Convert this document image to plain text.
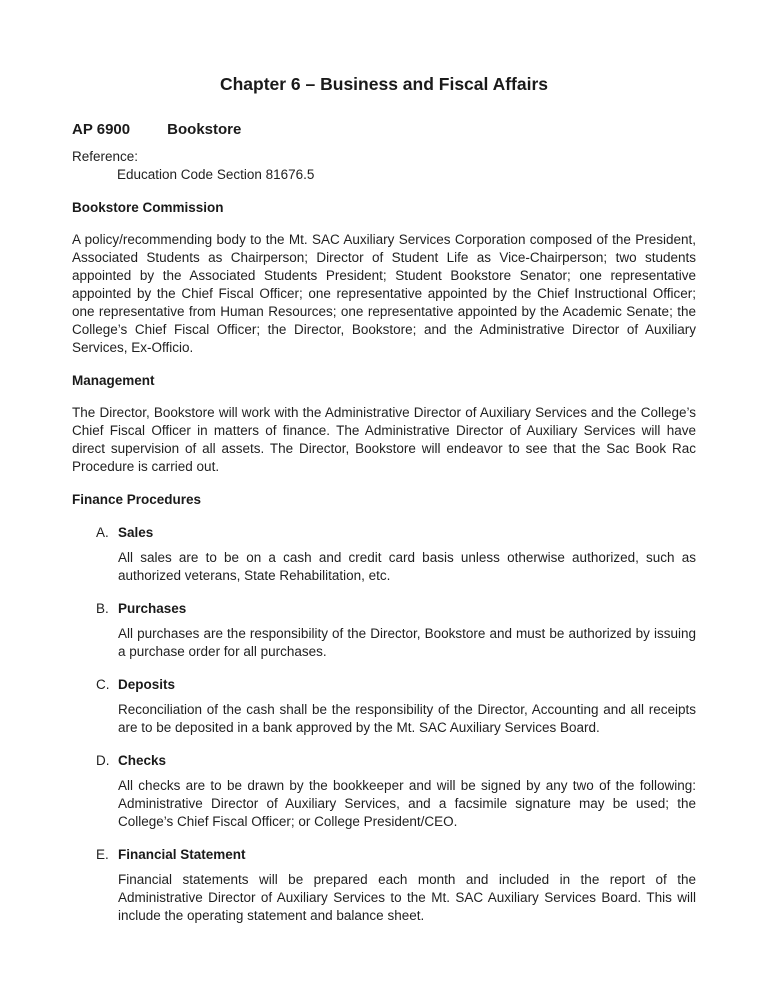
Chapter 6 – Business and Fiscal Affairs
AP 6900 Bookstore
Reference:
Education Code Section 81676.5
Bookstore Commission

A policy/recommending body to the Mt. SAC Auxiliary Services Corporation composed of the President, Associated Students as Chairperson; Director of Student Life as Vice-Chairperson; two students appointed by the Associated Students President; Student Bookstore Senator; one representative appointed by the Chief Fiscal Officer; one representative appointed by the Chief Instructional Officer; one representative from Human Resources; one representative appointed by the Academic Senate; the College’s Chief Fiscal Officer; the Director, Bookstore; and the Administrative Director of Auxiliary Services, Ex-Officio.

Management

The Director, Bookstore will work with the Administrative Director of Auxiliary Services and the College’s Chief Fiscal Officer in matters of finance. The Administrative Director of Auxiliary Services will have direct supervision of all assets. The Director, Bookstore will endeavor to see that the Sac Book Rac Procedure is carried out.

Finance Procedures
A. Sales

All sales are to be on a cash and credit card basis unless otherwise authorized, such as authorized veterans, State Rehabilitation, etc.

B. Purchases

All purchases are the responsibility of the Director, Bookstore and must be authorized by issuing a purchase order for all purchases.

C. Deposits

Reconciliation of the cash shall be the responsibility of the Director, Accounting and all receipts are to be deposited in a bank approved by the Mt. SAC Auxiliary Services Board.

D. Checks

All checks are to be drawn by the bookkeeper and will be signed by any two of the following: Administrative Director of Auxiliary Services, and a facsimile signature may be used; the College’s Chief Fiscal Officer; or College President/CEO.

E. Financial Statement

Financial statements will be prepared each month and included in the report of the Administrative Director of Auxiliary Services to the Mt. SAC Auxiliary Services Board. This will include the operating statement and balance sheet.
